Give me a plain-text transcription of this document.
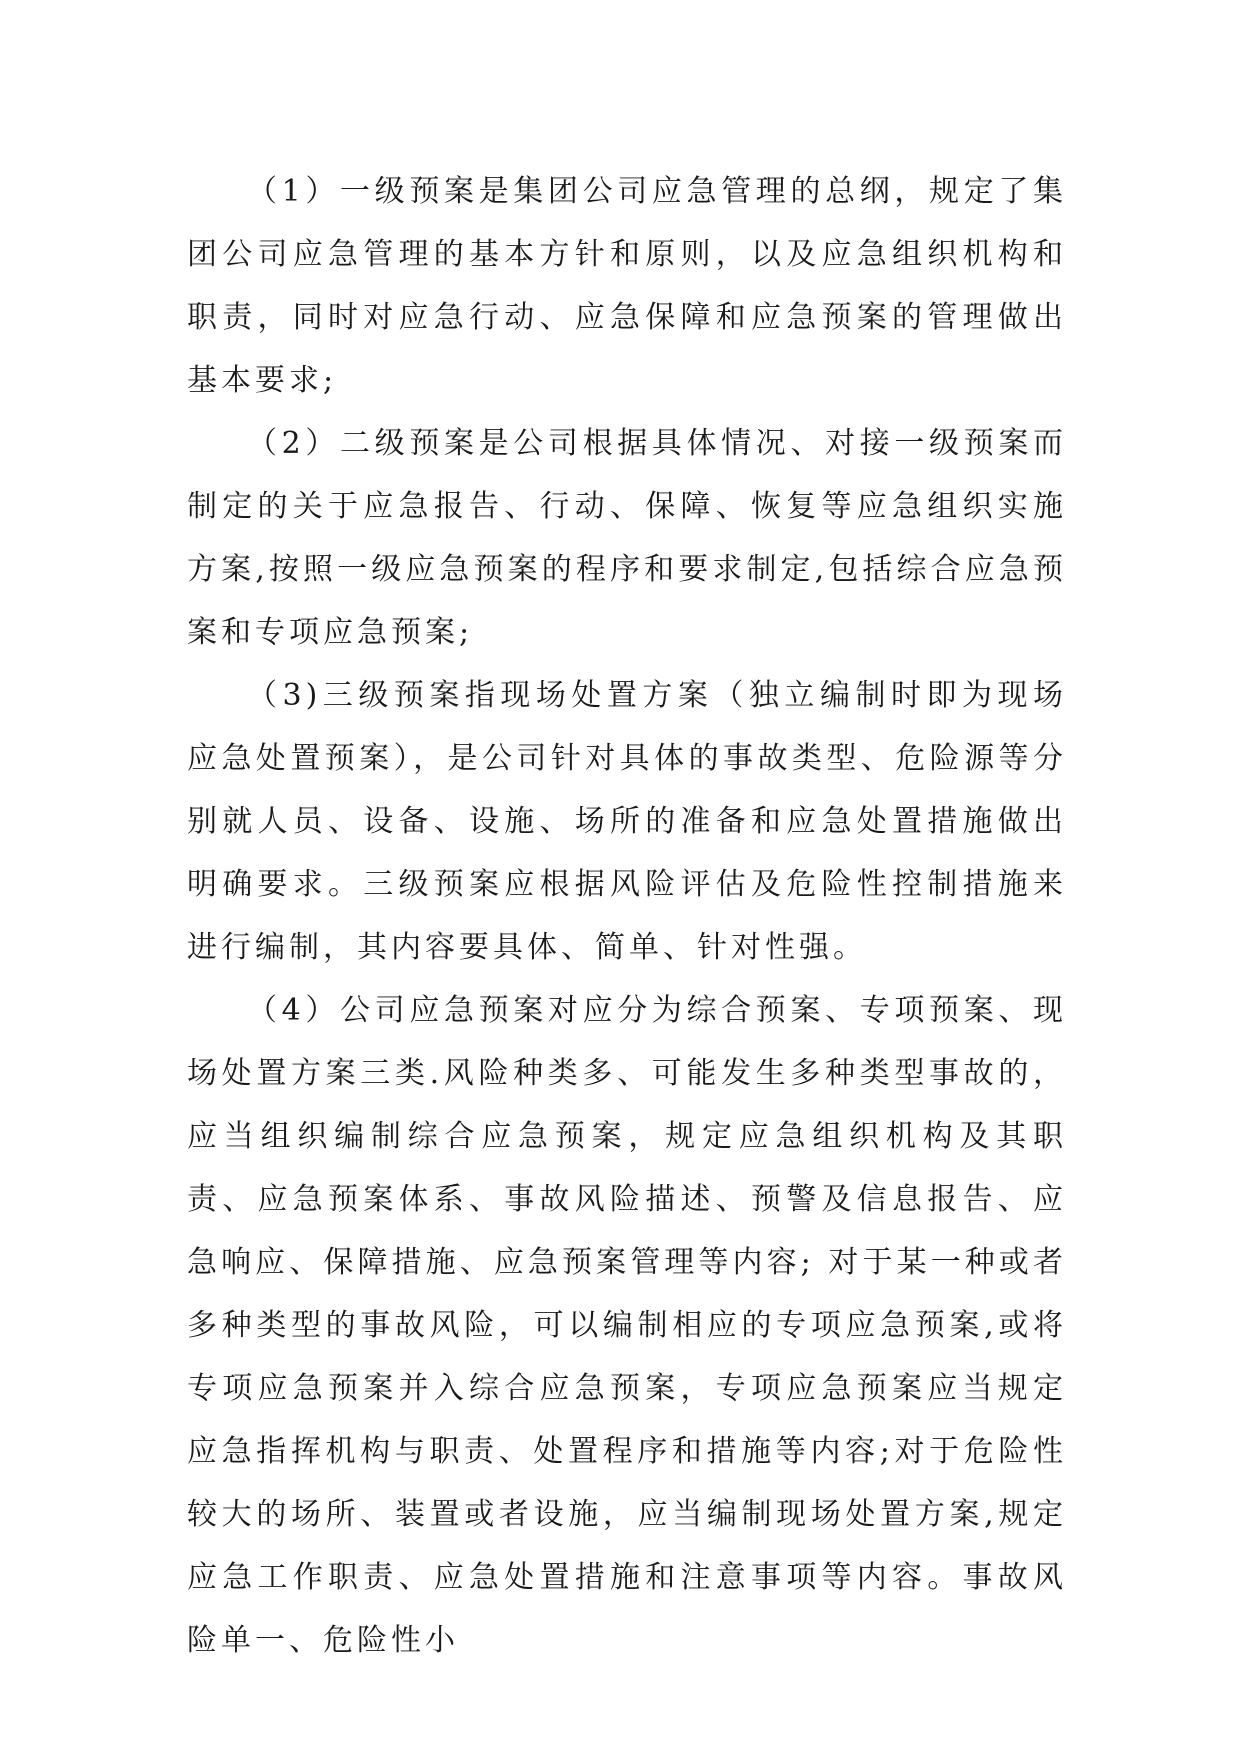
（1）一级预案是集团公司应急管理的总纲，规定了集团公司应急管理的基本方针和原则，以及应急组织机构和职责，同时对应急行动、应急保障和应急预案的管理做出基本要求;

（2）二级预案是公司根据具体情况、对接一级预案而制定的关于应急报告、行动、保障、恢复等应急组织实施方案,按照一级应急预案的程序和要求制定,包括综合应急预案和专项应急预案;

（3)三级预案指现场处置方案（独立编制时即为现场应急处置预案），是公司针对具体的事故类型、危险源等分别就人员、设备、设施、场所的准备和应急处置措施做出明确要求。三级预案应根据风险评估及危险性控制措施来进行编制，其内容要具体、简单、针对性强。

（4）公司应急预案对应分为综合预案、专项预案、现场处置方案三类.风险种类多、可能发生多种类型事故的，应当组织编制综合应急预案，规定应急组织机构及其职责、应急预案体系、事故风险描述、预警及信息报告、应急响应、保障措施、应急预案管理等内容; 对于某一种或者多种类型的事故风险，可以编制相应的专项应急预案,或将专项应急预案并入综合应急预案，专项应急预案应当规定应急指挥机构与职责、处置程序和措施等内容;对于危险性较大的场所、装置或者设施，应当编制现场处置方案,规定应急工作职责、应急处置措施和注意事项等内容。事故风险单一、危险性小
